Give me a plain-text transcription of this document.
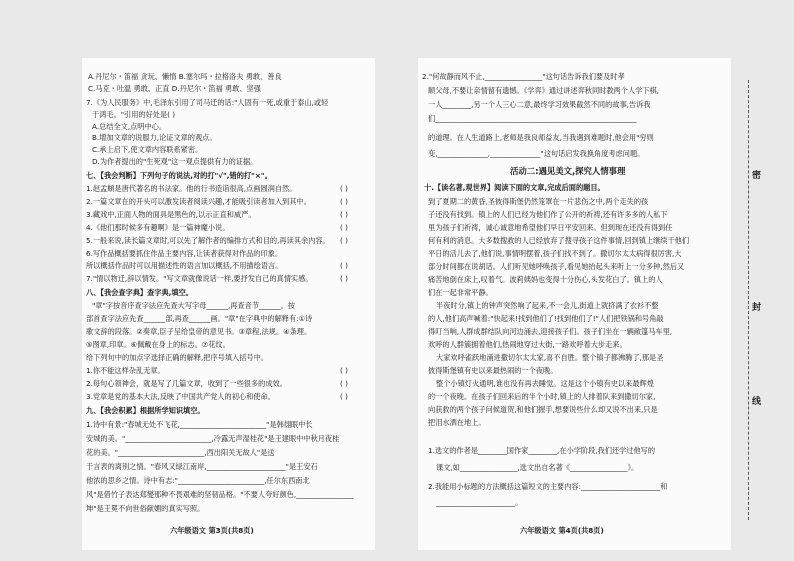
A.丹尼尔・笛福 贪玩、懒惰 B.塞尔玛・拉格洛夫 勇敢、善良
C.马克・吐温 勇敢、正直 D.丹尼尔・笛福 勇敢、坚强
7.《为人民服务》中,毛泽东引用了司马迁的话:"人固有一死,或重于泰山,或轻
于鸿毛。"引用的好处是( )
A.总结全文,点明中心。
B.增加文章的说服力,论证文章的观点。
C.承上启下,使文章内容联系紧密。
D.为作者提出的"生死观"这一观点提供有力的证据。
七、【我会判断】下列句子的说法,对的打"√",错的打"×"。
1.赵孟頫是唐代著名的书法家。他的行书造诣很高,点画圆润自然。
2.一篇文章在的开头可以激发读者阅读兴趣,才能吸引读者加入到其中。
3.藏戏中,正面人物的面具是黑色的,以示正直和威严。
4.《他们那时候多有趣啊》是一篇神魔小说。
5.一般来说,读长篇文章时,可以先了解作者的编排方式和目的,再读其余内容。
6.写作品概括要抓住作品主要内容,让读者获得对作品的印象。
所以概括作品时可以用描述性的语言加以概括,不用描绘语言。
7."情以物迁,辞以情发。"写文章就像说话一样,要抒发自己的真情实感。
八、【我会查字典】查字典,填空。
"章"字按音序查字法应先查大写字母______,再查音节______。按
部首查字法应先查______部,再查______画。"章"在字典中的解释有:①诗
歌文辞的段落。②奏章,臣子呈给皇帝的意见书。③章程,法规。④条理。
⑤图章,印章。⑥佩戴在身上的标志。⑦花纹。
给下列句中的加点字选择正确的解释,把序号填入括号中。
1.你不能这样杂乱无章。
2.每句心领神会，就是写了几篇文章，收到了一些很多的成效。
3.党章是党的基本大法,反映了中国共产党人的初心和使命。
九、【我会积累】根据所学知识填空。
1.诗中有景:"春城无处不飞花,________________________"是韩翃眼中长
安城的美。"________________________,冷露无声湿桂花"是王建眼中中秋月夜桂
花的美。"________________________,西出阳关无故人"是送
于言表的离别之情。"春风又绿江南岸,______________________"是王安石
他浓的思乡之情。诗中有志:"________________________,任尔东西南北
风"是借竹子表达郑燮那种不畏艰难的坚韧品格。"不要人夸好颜色,________________
坤"是王冕不向世俗献媚的真实写照。
( )
( )
( )
( )
( )
( )
( )
( )
( )
( )
六年级语文 第3页(共8页)
2."何故静而风不止,________________"这句话告诉我们要及时孝
顺父母,不要让亲情留有遗憾。《学弈》通过讲述弈秋同时教两个人学下棋,
一人________,另一个人三心二意,最终学习效果截然不同的故事,告诉我
们________________________________________________________
的道理。在人生道路上,老师是我良师益友,当我遇到难题时,他会用"穷则
变,______________,______________"这句话启发我换角度考虑问题。
活动二:遇见美文,探究人情事理
十.【读名著,观世界】阅读下面的文章,完成后面的题目。
到了夏期二的黄昏,圣彼得斯堡仍然笼罩在一片悲伤之中,两个走失的孩
子还没有找到。镇上的人们已经为他们作了公开的祈祷,还有许多多的人私下
里为孩子们祈祷，诚心诚意地希望他们早日平安回来。但到现在还没有得到任
何有利的消息。大多数搜救的人已经放弃了搜寻孩子这件事情,回到镇上继续干他们
平日的活儿去了,他们说,事情明摆着,孩子们找不到了。撒切尔太太病得很厉害,大
部分时间都在说胡话。人们听见她呼唤孩子,看见她抬起头来听上一分多钟,然后又
痛苦地倒在床上,叹着气。波莉姨妈也变得十分伤心,头发花白了。镇上的人
们在一起非常平静。
半夜时分,镇上的钟声突然响了起来,不一会儿,街道上就挤满了衣衫不整
的人,他们高声喊着:"快起来!找到他们了!找到他们了!"人们把铁锅和号角敲
得叮当响,人群成群结队向河边涌去,迎接孩子们。孩子们坐在一辆敞篷马车里,
欢呼的人群簇拥着他们,热闹地穿过大街,一路欢呼着大步走来。
大家欢呼雀跃地涌进撒切尔太太家,喜不自胜。整个镇子都沸腾了,那是圣
彼得斯堡镇有史以来最热闹的一个夜晚。
整个小镇灯火通明,谁也没有再去睡觉。这是这个小镇有史以来最辉煌
的一个夜晚。在孩子们回来后的半个小时,镇上的人排着队来到撒切尔家,
向获救的两个孩子问候道贺,和他们握手,想要说些什么却又说不出来,只是
把泪水洒在地上。
1.选文的作者是________国作家________,在小学阶段,我们还学过他写的
课文,如________________,选文出自名著《________________》。
2.我能用小标题的方法概括这篇短文的主要内容:______________________和
______________________。
六年级语文 第4页(共8页)
密
封
线
